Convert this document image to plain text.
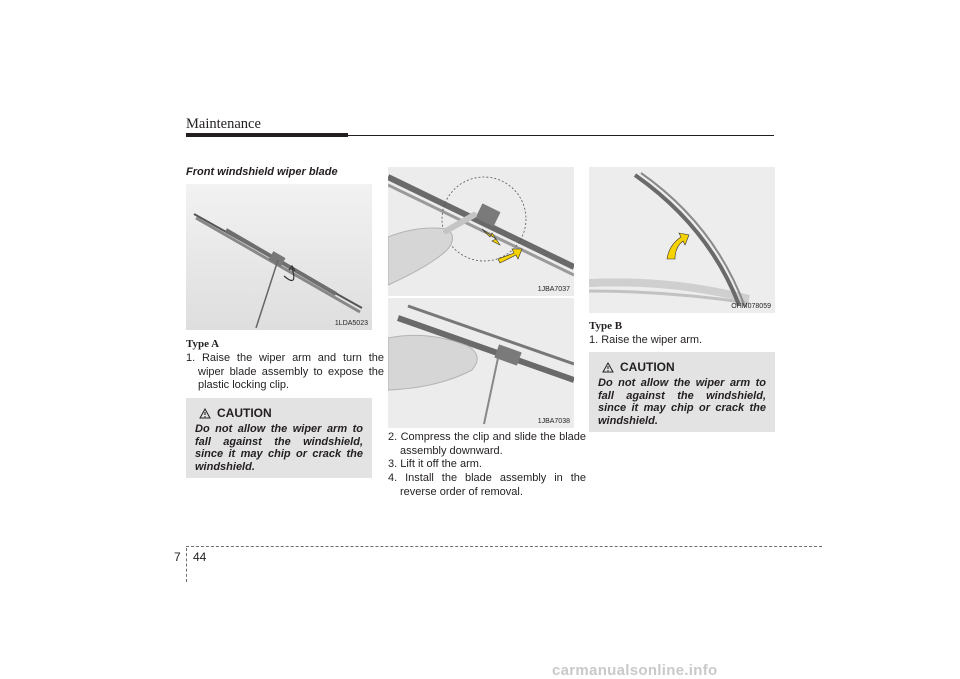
Maintenance
Front windshield wiper blade
1LDA5023
Type A
1. Raise the wiper arm and turn the wiper blade assembly to expose the plastic locking clip.
CAUTION
Do not allow the wiper arm to fall against the windshield, since it may chip or crack the windshield.
1JBA7037
1JBA7038
2. Compress the clip and slide the blade assembly downward.
3. Lift it off the arm.
4. Install the blade assembly in the reverse order of removal.
OHM078059
Type B
1. Raise the wiper arm.
CAUTION
Do not allow the wiper arm to fall against the windshield, since it may chip or crack the windshield.
7 44
carmanualsonline.info
